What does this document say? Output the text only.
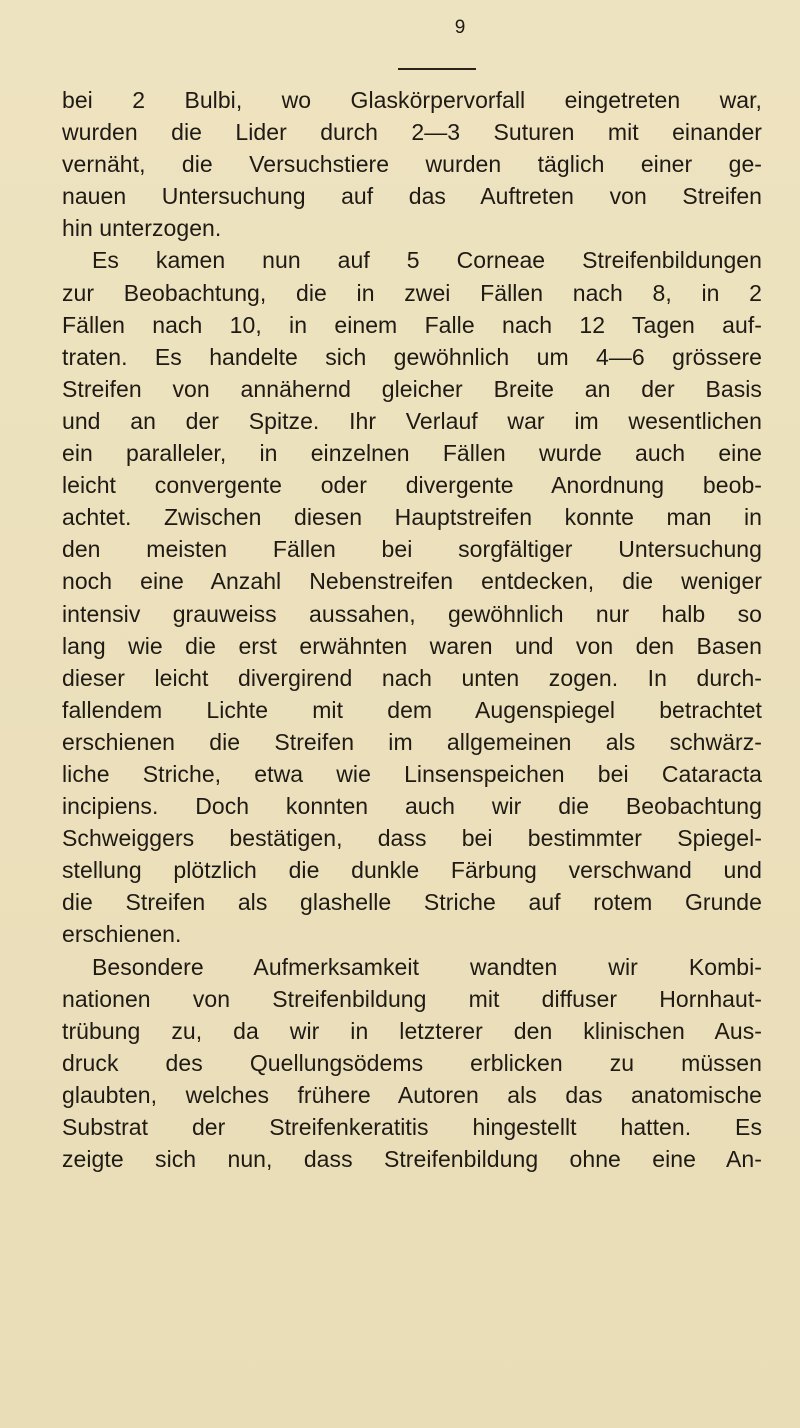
9
bei 2 Bulbi, wo Glaskörpervorfall eingetreten war,
wurden die Lider durch 2—3 Suturen mit einander
vernäht, die Versuchstiere wurden täglich einer ge-
nauen Untersuchung auf das Auftreten von Streifen
hin unterzogen.
Es kamen nun auf 5 Corneae Streifenbildungen
zur Beobachtung, die in zwei Fällen nach 8, in 2
Fällen nach 10, in einem Falle nach 12 Tagen auf-
traten. Es handelte sich gewöhnlich um 4—6 grössere
Streifen von annähernd gleicher Breite an der Basis
und an der Spitze. Ihr Verlauf war im wesentlichen
ein paralleler, in einzelnen Fällen wurde auch eine
leicht convergente oder divergente Anordnung beob-
achtet. Zwischen diesen Hauptstreifen konnte man in
den meisten Fällen bei sorgfältiger Untersuchung
noch eine Anzahl Nebenstreifen entdecken, die weniger
intensiv grauweiss aussahen, gewöhnlich nur halb so
lang wie die erst erwähnten waren und von den Basen
dieser leicht divergirend nach unten zogen. In durch-
fallendem Lichte mit dem Augenspiegel betrachtet
erschienen die Streifen im allgemeinen als schwärz-
liche Striche, etwa wie Linsenspeichen bei Cataracta
incipiens. Doch konnten auch wir die Beobachtung
Schweiggers bestätigen, dass bei bestimmter Spiegel-
stellung plötzlich die dunkle Färbung verschwand und
die Streifen als glashelle Striche auf rotem Grunde
erschienen.
Besondere Aufmerksamkeit wandten wir Kombi-
nationen von Streifenbildung mit diffuser Hornhaut-
trübung zu, da wir in letzterer den klinischen Aus-
druck des Quellungsödems erblicken zu müssen
glaubten, welches frühere Autoren als das anatomische
Substrat der Streifenkeratitis hingestellt hatten. Es
zeigte sich nun, dass Streifenbildung ohne eine An-
